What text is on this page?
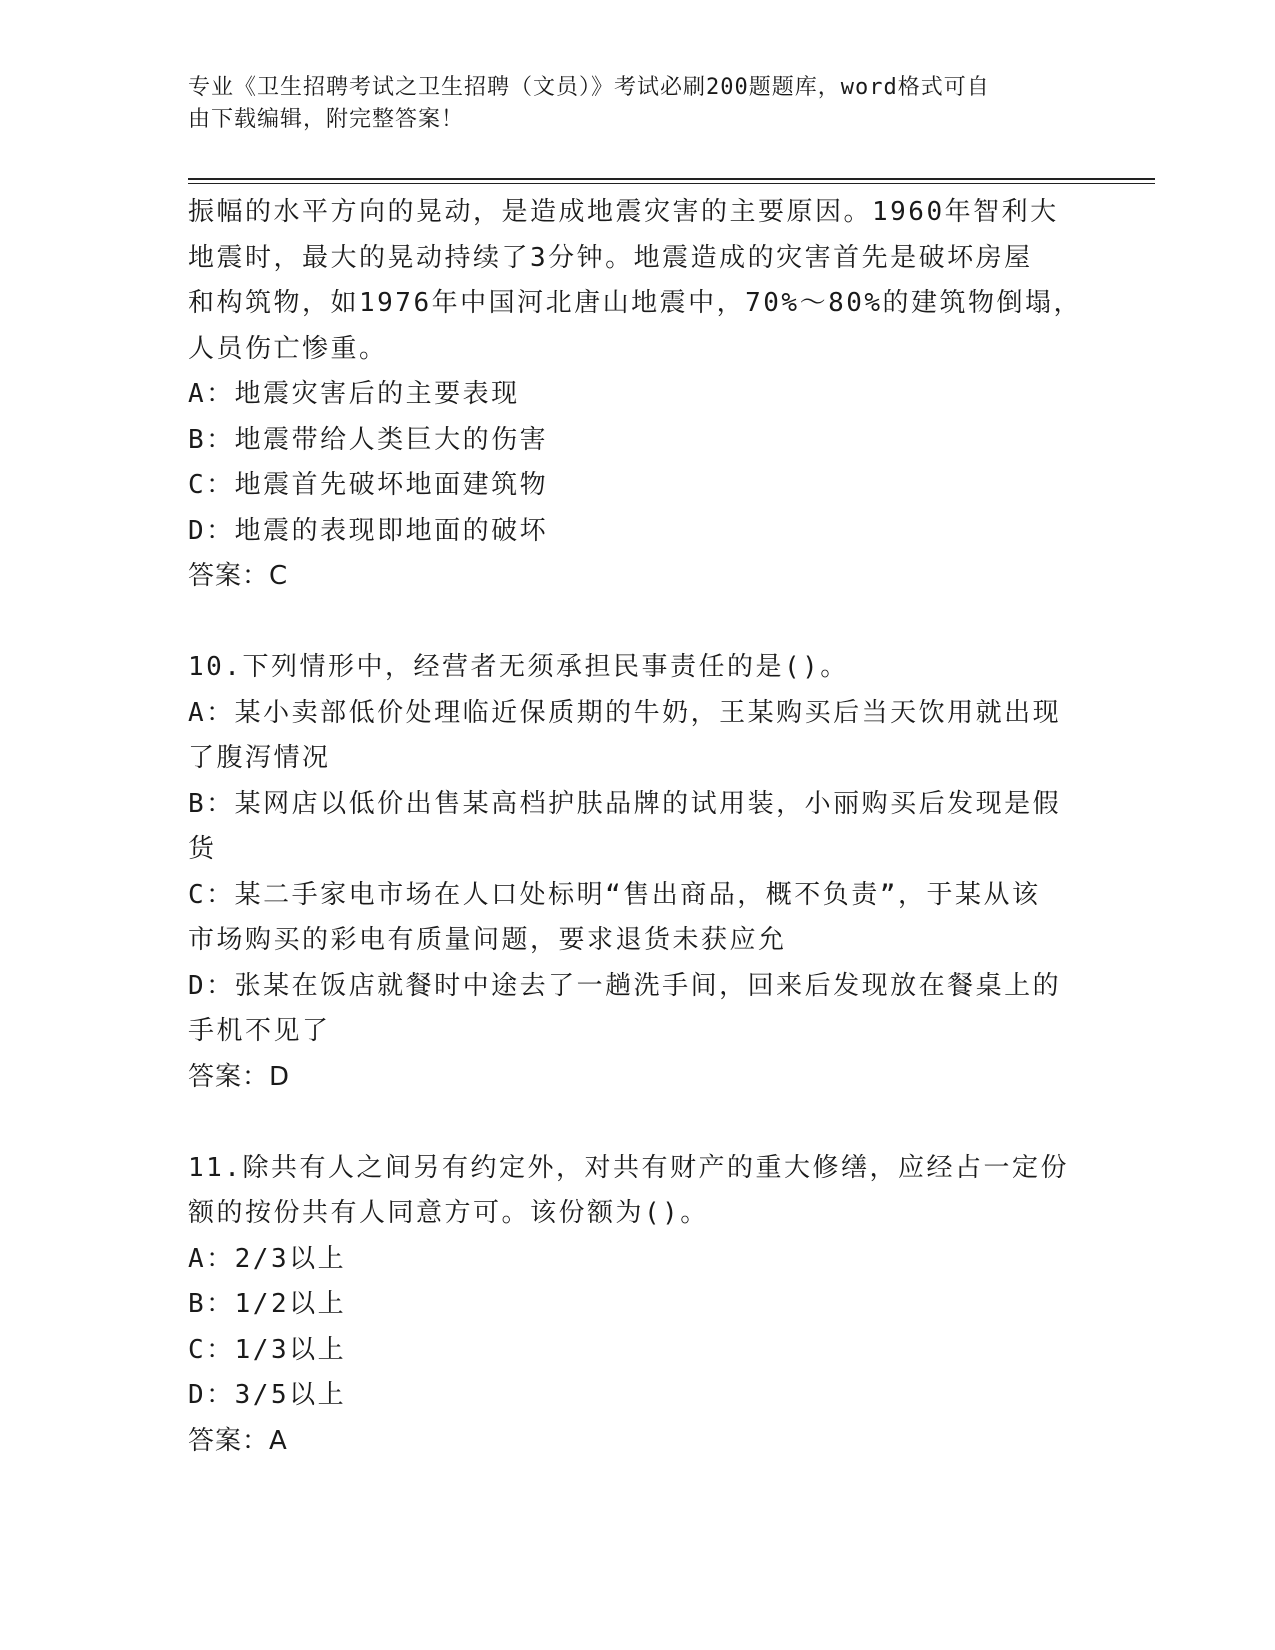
专业《卫生招聘考试之卫生招聘（文员）》考试必刷200题题库，word格式可自
由下载编辑，附完整答案！
振幅的水平方向的晃动，是造成地震灾害的主要原因。1960年智利大
地震时，最大的晃动持续了3分钟。地震造成的灾害首先是破坏房屋
和构筑物，如1976年中国河北唐山地震中，70%～80%的建筑物倒塌，
人员伤亡惨重。
A：地震灾害后的主要表现
B：地震带给人类巨大的伤害
C：地震首先破坏地面建筑物
D：地震的表现即地面的破坏
答案：C
10.下列情形中，经营者无须承担民事责任的是()。
A：某小卖部低价处理临近保质期的牛奶，王某购买后当天饮用就出现
了腹泻情况
B：某网店以低价出售某高档护肤品牌的试用装，小丽购买后发现是假
货
C：某二手家电市场在人口处标明“售出商品，概不负责”，于某从该
市场购买的彩电有质量问题，要求退货未获应允
D：张某在饭店就餐时中途去了一趟洗手间，回来后发现放在餐桌上的
手机不见了
答案：D
11.除共有人之间另有约定外，对共有财产的重大修缮，应经占一定份
额的按份共有人同意方可。该份额为()。
A：2/3以上
B：1/2以上
C：1/3以上
D：3/5以上
答案：A
